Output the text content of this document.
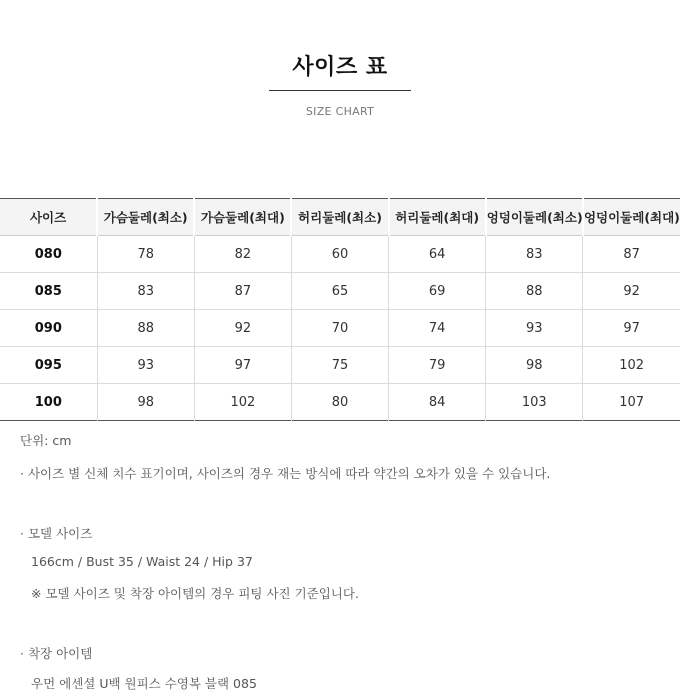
사이즈 표
SIZE CHART
사이즈	가슴둘레(최소)	가슴둘레(최대)	허리둘레(최소)	허리둘레(최대)	엉덩이둘레(최소)	엉덩이둘레(최대)
080	78	82	60	64	83	87
085	83	87	65	69	88	92
090	88	92	70	74	93	97
095	93	97	75	79	98	102
100	98	102	80	84	103	107
단위: cm
· 사이즈 별 신체 치수 표기이며, 사이즈의 경우 재는 방식에 따라 약간의 오차가 있을 수 있습니다.
· 모델 사이즈
166cm / Bust 35 / Waist 24 / Hip 37
※ 모델 사이즈 및 착장 아이템의 경우 피팅 사진 기준입니다.
· 착장 아이템
우먼 에센셜 U백 원피스 수영복 블랙 085
